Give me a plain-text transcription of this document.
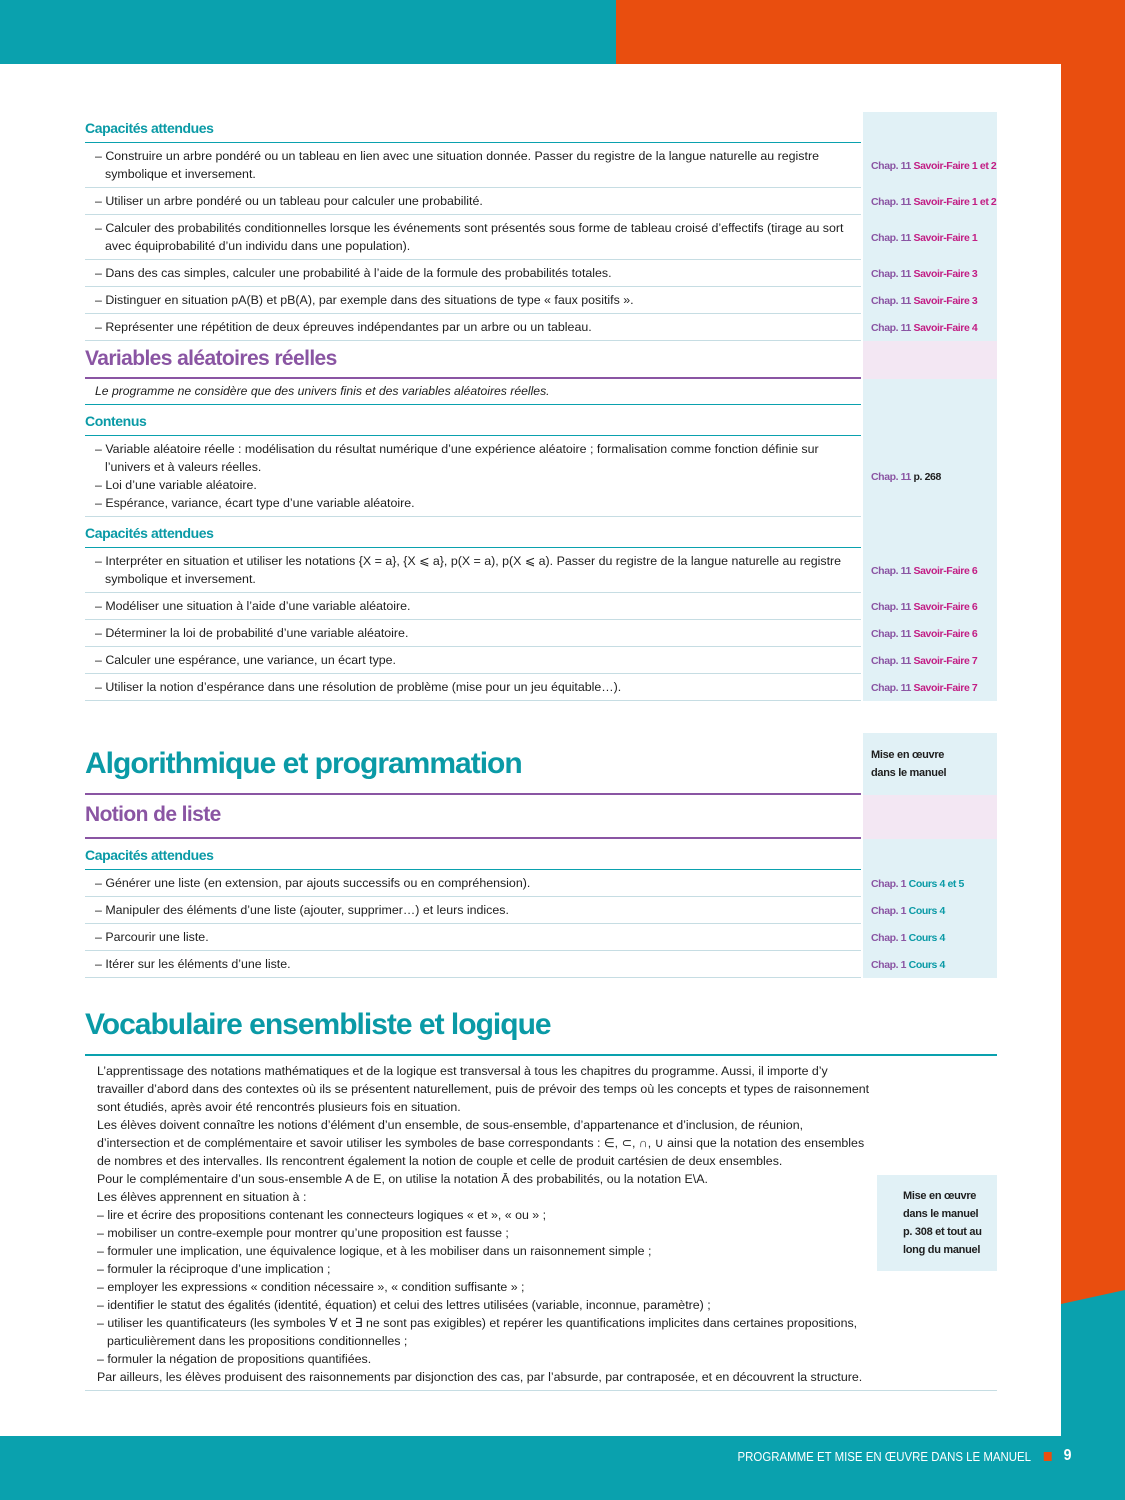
Capacités attendues
– Construire un arbre pondéré ou un tableau en lien avec une situation donnée. Passer du registre de la langue naturelle au registre symbolique et inversement.
Chap. 11 Savoir-Faire 1 et 2
– Utiliser un arbre pondéré ou un tableau pour calculer une probabilité.	Chap. 11 Savoir-Faire 1 et 2
– Calculer des probabilités conditionnelles lorsque les événements sont présentés sous forme de tableau croisé d’effectifs (tirage au sort avec équiprobabilité d’un individu dans une population).
Chap. 11 Savoir-Faire 1
– Dans des cas simples, calculer une probabilité à l’aide de la formule des probabilités totales.	Chap. 11 Savoir-Faire 3
– Distinguer en situation pA(B) et pB(A), par exemple dans des situations de type « faux positifs ».	Chap. 11 Savoir-Faire 3
– Représenter une répétition de deux épreuves indépendantes par un arbre ou un tableau.	Chap. 11 Savoir-Faire 4
Variables aléatoires réelles
Le programme ne considère que des univers finis et des variables aléatoires réelles.
Contenus
– Variable aléatoire réelle : modélisation du résultat numérique d’une expérience aléatoire ; formalisation comme fonction définie sur l’univers et à valeurs réelles.
– Loi d’une variable aléatoire.
– Espérance, variance, écart type d’une variable aléatoire.
Chap. 11 p. 268
Capacités attendues
– Interpréter en situation et utiliser les notations {X = a}, {X ⩽ a}, p(X = a), p(X ⩽ a). Passer du registre de la langue naturelle au registre symbolique et inversement.
Chap. 11 Savoir-Faire 6
– Modéliser une situation à l’aide d’une variable aléatoire.	Chap. 11 Savoir-Faire 6
– Déterminer la loi de probabilité d’une variable aléatoire.	Chap. 11 Savoir-Faire 6
– Calculer une espérance, une variance, un écart type.	Chap. 11 Savoir-Faire 7
– Utiliser la notion d’espérance dans une résolution de problème (mise pour un jeu équitable…).	Chap. 11 Savoir-Faire 7
Algorithmique et programmation	Mise en œuvre
dans le manuel
Notion de liste
Capacités attendues
– Générer une liste (en extension, par ajouts successifs ou en compréhension).	Chap. 1 Cours 4 et 5
– Manipuler des éléments d’une liste (ajouter, supprimer…) et leurs indices.	Chap. 1 Cours 4
– Parcourir une liste.	Chap. 1 Cours 4
– Itérer sur les éléments d’une liste.	Chap. 1 Cours 4
Vocabulaire ensembliste et logique
L’apprentissage des notations mathématiques et de la logique est transversal à tous les chapitres du programme. Aussi, il importe d’y travailler d’abord dans des contextes où ils se présentent naturellement, puis de prévoir des temps où les concepts et types de raisonnement sont étudiés, après avoir été rencontrés plusieurs fois en situation.
Les élèves doivent connaître les notions d’élément d’un ensemble, de sous-ensemble, d’appartenance et d’inclusion, de réunion, d’intersection et de complémentaire et savoir utiliser les symboles de base correspondants : ∈, ⊂, ∩, ∪ ainsi que la notation des ensembles de nombres et des intervalles. Ils rencontrent également la notion de couple et celle de produit cartésien de deux ensembles.
Pour le complémentaire d’un sous-ensemble A de E, on utilise la notation Ā des probabilités, ou la notation E\A.
Les élèves apprennent en situation à :
– lire et écrire des propositions contenant les connecteurs logiques « et », « ou » ;
– mobiliser un contre-exemple pour montrer qu’une proposition est fausse ;
– formuler une implication, une équivalence logique, et à les mobiliser dans un raisonnement simple ;
– formuler la réciproque d’une implication ;
– employer les expressions « condition nécessaire », « condition suffisante » ;
– identifier le statut des égalités (identité, équation) et celui des lettres utilisées (variable, inconnue, paramètre) ;
– utiliser les quantificateurs (les symboles ∀ et ∃ ne sont pas exigibles) et repérer les quantifications implicites dans certaines propositions, particulièrement dans les propositions conditionnelles ;
– formuler la négation de propositions quantifiées.
Par ailleurs, les élèves produisent des raisonnements par disjonction des cas, par l’absurde, par contraposée, et en découvrent la structure.
Mise en œuvre dans le manuel p. 308 et tout au long du manuel
PROGRAMME ET MISE EN ŒUVRE DANS LE MANUEL 9
